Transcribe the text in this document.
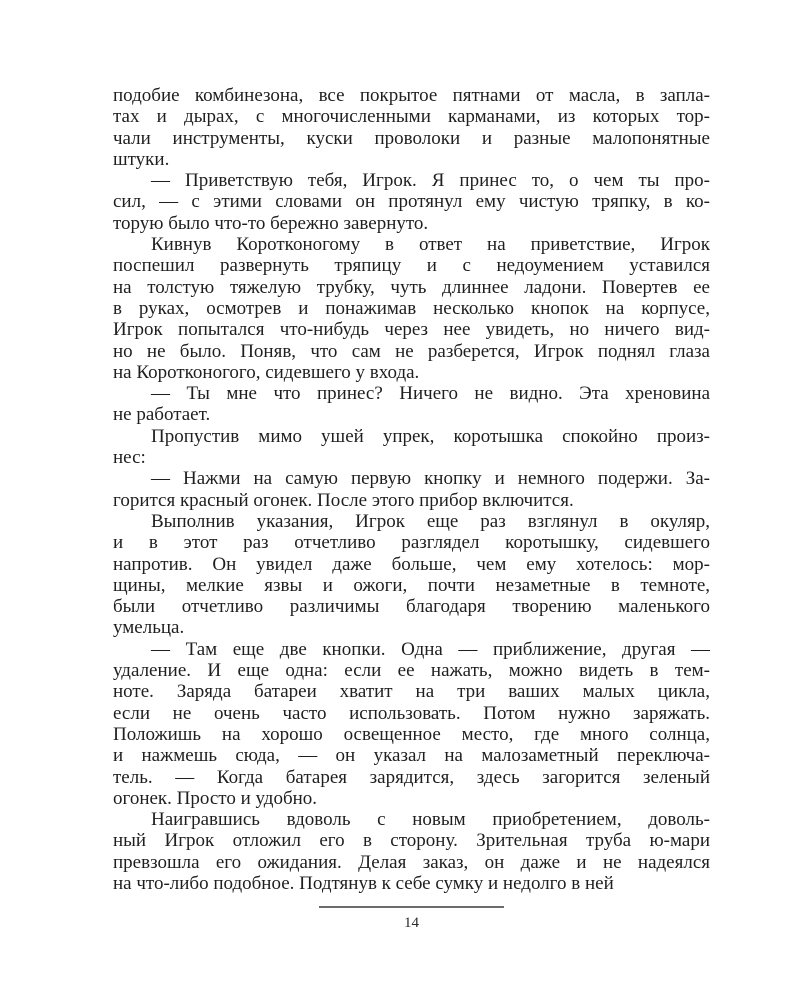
подобие комбинезона, все покрытое пятнами от масла, в запла-
тах и дырах, с многочисленными карманами, из которых тор-
чали инструменты, куски проволоки и разные малопонятные
штуки.
— Приветствую тебя, Игрок. Я принес то, о чем ты про-
сил, — с этими словами он протянул ему чистую тряпку, в ко-
торую было что-то бережно завернуто.
Кивнув Коротконогому в ответ на приветствие, Игрок
поспешил развернуть тряпицу и с недоумением уставился
на толстую тяжелую трубку, чуть длиннее ладони. Повертев ее
в руках, осмотрев и понажимав несколько кнопок на корпусе,
Игрок попытался что-нибудь через нее увидеть, но ничего вид-
но не было. Поняв, что сам не разберется, Игрок поднял глаза
на Коротконогого, сидевшего у входа.
— Ты мне что принес? Ничего не видно. Эта хреновина
не работает.
Пропустив мимо ушей упрек, коротышка спокойно произ-
нес:
— Нажми на самую первую кнопку и немного подержи. За-
горится красный огонек. После этого прибор включится.
Выполнив указания, Игрок еще раз взглянул в окуляр,
и в этот раз отчетливо разглядел коротышку, сидевшего
напротив. Он увидел даже больше, чем ему хотелось: мор-
щины, мелкие язвы и ожоги, почти незаметные в темноте,
были отчетливо различимы благодаря творению маленького
умельца.
— Там еще две кнопки. Одна — приближение, другая —
удаление. И еще одна: если ее нажать, можно видеть в тем-
ноте. Заряда батареи хватит на три ваших малых цикла,
если не очень часто использовать. Потом нужно заряжать.
Положишь на хорошо освещенное место, где много солнца,
и нажмешь сюда, — он указал на малозаметный переключа-
тель. — Когда батарея зарядится, здесь загорится зеленый
огонек. Просто и удобно.
Наигравшись вдоволь с новым приобретением, доволь-
ный Игрок отложил его в сторону. Зрительная труба ю-мари
превзошла его ожидания. Делая заказ, он даже и не надеялся
на что-либо подобное. Подтянув к себе сумку и недолго в ней
14
